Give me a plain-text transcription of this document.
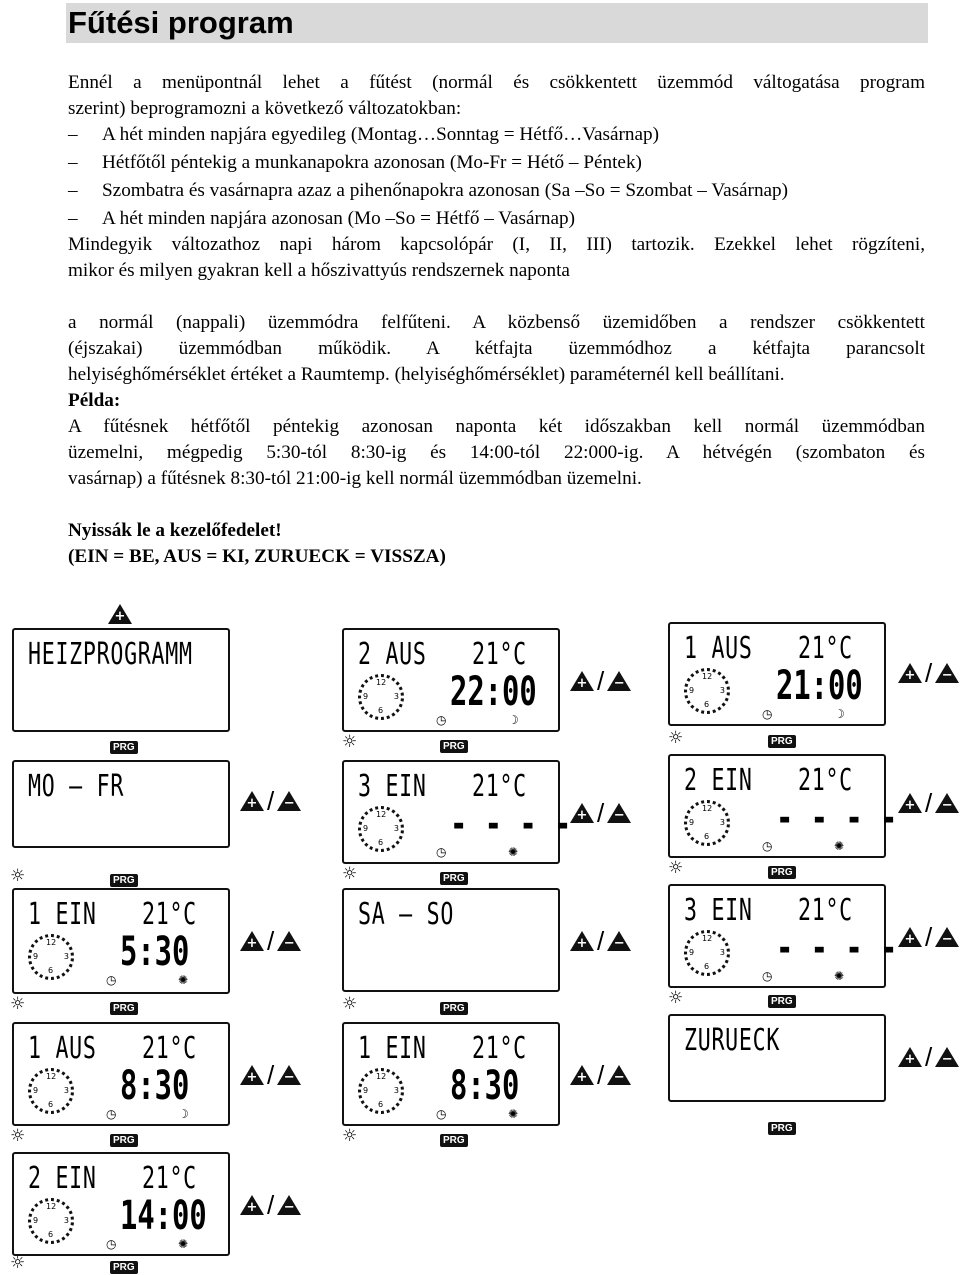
Fűtési program
Ennél a menüpontnál lehet a fűtést (normál és csökkentett üzemmód váltogatása program
szerint) beprogramozni a következő változatokban:
– A hét minden napjára egyedileg (Montag…Sonntag = Hétfő…Vasárnap)
– Hétfőtől péntekig a munkanapokra azonosan (Mo-Fr = Hétő – Péntek)
– Szombatra és vasárnapra azaz a pihenőnapokra azonosan (Sa –So = Szombat – Vasárnap)
– A hét minden napjára azonosan (Mo –So = Hétfő – Vasárnap)
Mindegyik változathoz napi három kapcsolópár (I, II, III) tartozik. Ezekkel lehet rögzíteni,
mikor és milyen gyakran kell a hőszivattyús rendszernek naponta
a normál (nappali) üzemmódra felfűteni. A közbenső üzemidőben a rendszer csökkentett
(éjszakai) üzemmódban működik. A kétfajta üzemmódhoz a kétfajta parancsolt
helyiséghőmérséklet értéket a Raumtemp. (helyiséghőmérséklet) paraméternél kell beállítani.
Példa:
A fűtésnek hétfőtől péntekig azonosan naponta két időszakban kell normál üzemmódban
üzemelni, mégpedig 5:30-tól 8:30-ig és 14:00-tól 22:000-ig. A hétvégén (szombaton és
vasárnap) a fűtésnek 8:30-tól 21:00-ig kell normál üzemmódban üzemelni.
Nyissák le a kezelőfedelet!
(EIN = BE, AUS = KI, ZURUECK = VISSZA)
+
HEIZPROGRAMM
PRG
MO – FR
PRG
☼
+ / −
1 EIN 21°C
12
6
9	3 5:30
◷	✺
PRG
☼
+ / −
1 AUS 21°C
12
6
9	3 8:30
◷	☽
PRG
☼
+ / −
2 EIN 21°C
12
6
9	3 14:00
◷	✺
PRG
☼
+ / −
2 AUS 21°C
12
6
9	3 22:00
◷	☽
PRG
☼
+ / −
3 EIN 21°C
12
6
9	3 - - - -
◷	✺
PRG
☼
+ / −
SA – SO
PRG
☼
+ / −
1 EIN 21°C
12
6
9	3 8:30
◷	✺
PRG
☼
+ / −
1 AUS 21°C
12
6
9	3 21:00
◷	☽
PRG
☼
+ / −
2 EIN 21°C
12
6
9	3 - - - -
◷	✺
PRG
☼
+ / −
3 EIN 21°C
12
6
9	3 - - - -
◷	✺
PRG
☼
+ / −
ZURUECK
PRG
+ / −
